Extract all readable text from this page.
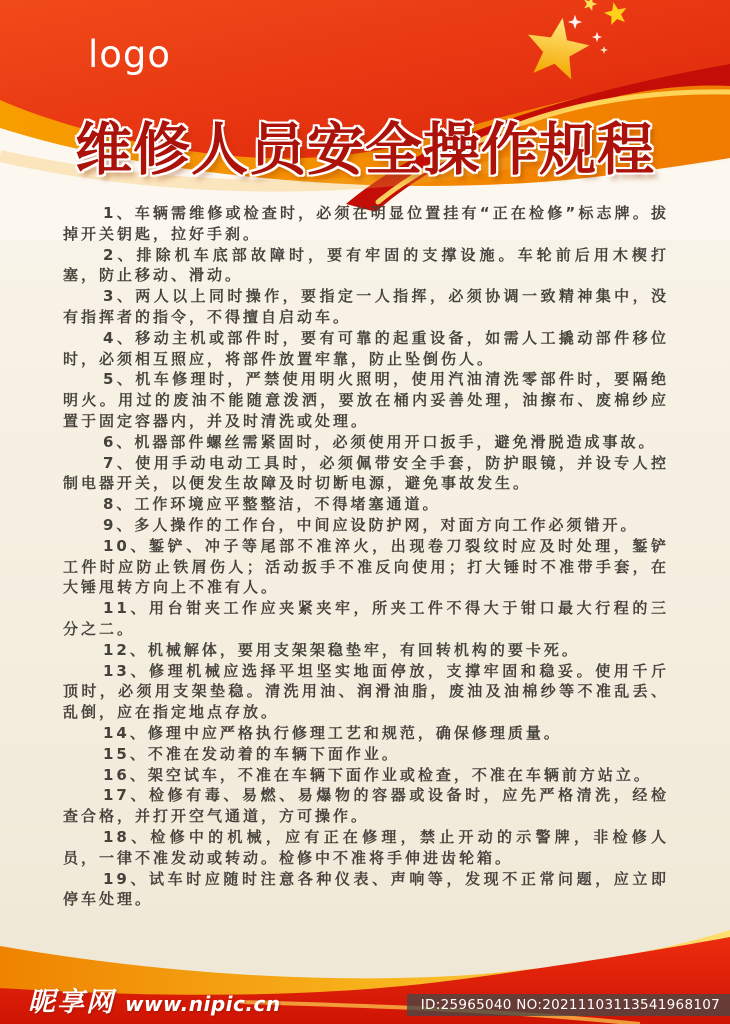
logo
维修人员安全操作规程

1、车辆需维修或检查时，必须在明显位置挂有“正在检修”标志牌。拔掉开关钥匙，拉好手刹。

2、排除机车底部故障时，要有牢固的支撑设施。车轮前后用木楔打塞，防止移动、滑动。

3、两人以上同时操作，要指定一人指挥，必须协调一致精神集中，没有指挥者的指令，不得擅自启动车。

4、移动主机或部件时，要有可靠的起重设备，如需人工撬动部件移位时，必须相互照应，将部件放置牢靠，防止坠倒伤人。

5、机车修理时，严禁使用明火照明，使用汽油清洗零部件时，要隔绝明火。用过的废油不能随意泼洒，要放在桶内妥善处理，油擦布、废棉纱应置于固定容器内，并及时清洗或处理。

6、机器部件螺丝需紧固时，必须使用开口扳手，避免滑脱造成事故。

7、使用手动电动工具时，必须佩带安全手套，防护眼镜，并设专人控制电器开关，以便发生故障及时切断电源，避免事故发生。

8、工作环境应平整整洁，不得堵塞通道。

9、多人操作的工作台，中间应设防护网，对面方向工作必须错开。

10、錾铲、冲子等尾部不准淬火，出现卷刀裂纹时应及时处理，錾铲工件时应防止铁屑伤人；活动扳手不准反向使用；打大锤时不准带手套，在大锤甩转方向上不准有人。

11、用台钳夹工作应夹紧夹牢，所夹工件不得大于钳口最大行程的三分之二。

12、机械解体，要用支架架稳垫牢，有回转机构的要卡死。

13、修理机械应选择平坦坚实地面停放，支撑牢固和稳妥。使用千斤顶时，必须用支架垫稳。清洗用油、润滑油脂，废油及油棉纱等不准乱丢、乱倒，应在指定地点存放。

14、修理中应严格执行修理工艺和规范，确保修理质量。

15、不准在发动着的车辆下面作业。

16、架空试车，不准在车辆下面作业或检查，不准在车辆前方站立。

17、检修有毒、易燃、易爆物的容器或设备时，应先严格清洗，经检查合格，并打开空气通道，方可操作。

18、检修中的机械，应有正在修理，禁止开动的示警牌，非检修人员，一律不准发动或转动。检修中不准将手伸进齿轮箱。

19、试车时应随时注意各种仪表、声响等，发现不正常问题，应立即停车处理。

昵享网 www.nipic.cn	ID:25965040 NO:20211103113541968107
